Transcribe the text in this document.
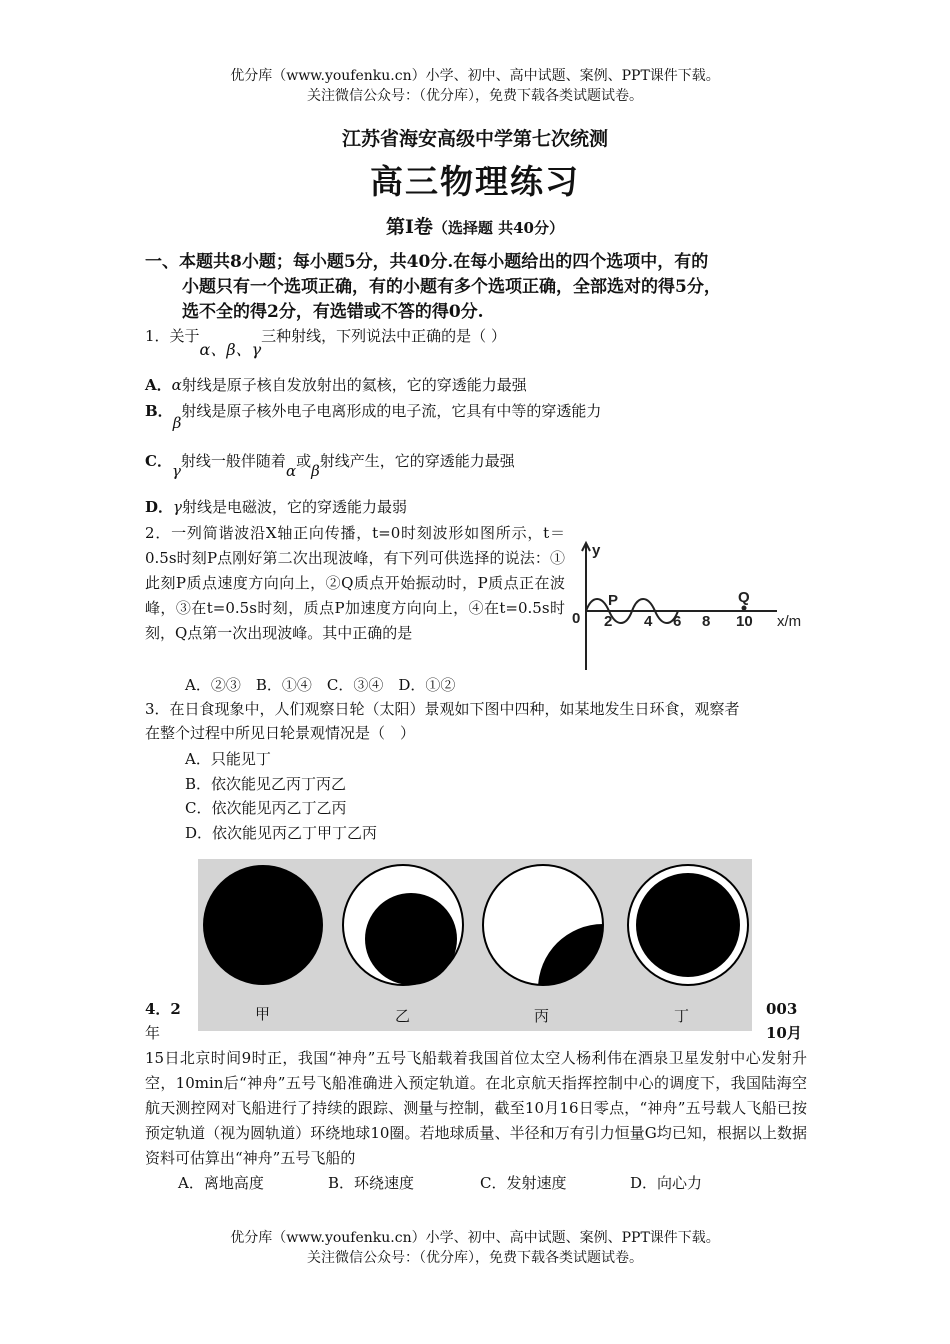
优分库（www.youfenku.cn）小学、初中、高中试题、案例、PPT课件下载。
关注微信公众号：（优分库），免费下载各类试题试卷。
江苏省海安高级中学第七次统测
高三物理练习
第Ⅰ卷（选择题 共40分）
一、本题共8小题；每小题5分，共40分.在每小题给出的四个选项中，有的
小题只有一个选项正确，有的小题有多个选项正确，全部选对的得5分，
选不全的得2分，有选错或不答的得0分.
1．关于α、β、γ三种射线，下列说法中正确的是（ ）
A．α射线是原子核自发放射出的氦核，它的穿透能力最强
B．β射线是原子核外电子电离形成的电子流，它具有中等的穿透能力
C．γ射线一般伴随着α或β射线产生，它的穿透能力最强
D．γ射线是电磁波，它的穿透能力最弱
2．一列简谐波沿X轴正向传播，t=0时刻波形如图所示，t＝0.5s时刻P点刚好第二次出现波峰，有下列可供选择的说法：①此刻P质点速度方向向上，②Q质点开始振动时，P质点正在波峰，③在t=0.5s时刻，质点P加速度方向向上，④在t=0.5s时刻，Q点第一次出现波峰。其中正确的是
A．②③　B．①④　C．③④　D．①②
y
0
P	Q
x/m
2 4 6 8 10
3．在日食现象中，人们观察日轮（太阳）景观如下图中四种，如某地发生日环食，观察者
在整个过程中所见日轮景观情况是（　）
A．只能见丁
B．依次能见乙丙丁丙乙
C．依次能见丙乙丁乙丙
D．依次能见丙乙丁甲丁乙丙
甲	乙	丙	丁
4．2	003
年	10月
15日北京时间9时正，我国“神舟”五号飞船载着我国首位太空人杨利伟在酒泉卫星发射中心发射升空，10min后“神舟”五号飞船准确进入预定轨道。在北京航天指挥控制中心的调度下，我国陆海空航天测控网对飞船进行了持续的跟踪、测量与控制，截至10月16日零点，“神舟”五号载人飞船已按预定轨道（视为圆轨道）环绕地球10圈。若地球质量、半径和万有引力恒量G均已知，根据以上数据资料可估算出“神舟”五号飞船的
A．离地高度	B．环绕速度	C．发射速度	D．向心力
优分库（www.youfenku.cn）小学、初中、高中试题、案例、PPT课件下载。
关注微信公众号：（优分库），免费下载各类试题试卷。
